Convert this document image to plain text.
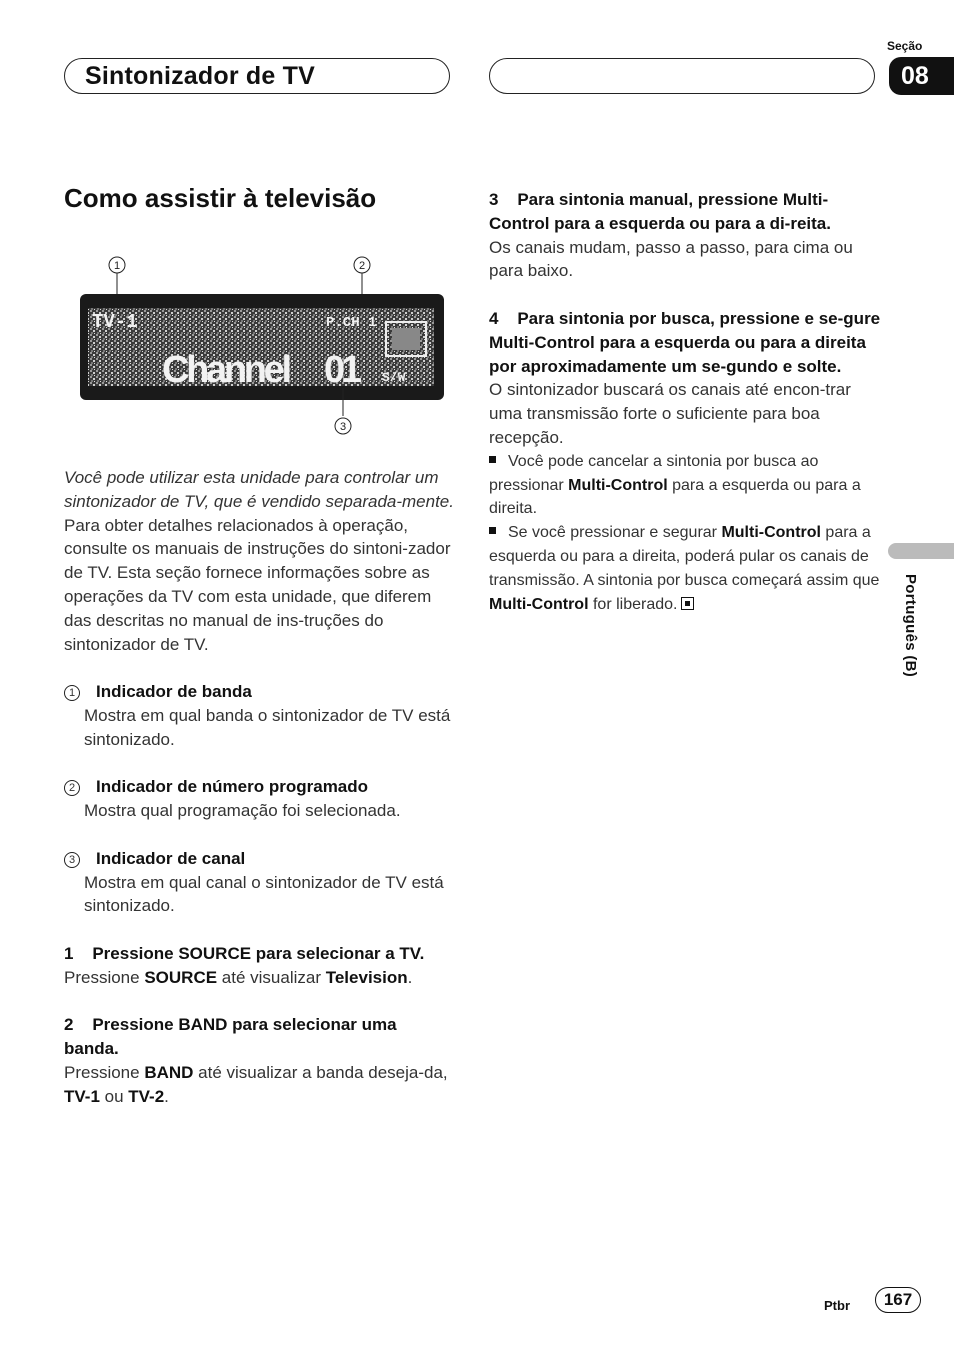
Sintonizador de TV
Seção
08
Português (B)
Como assistir à televisão
1	2
TV-1	P.CH 1
Channel 01 S/W
3

Você pode utilizar esta unidade para controlar um sintonizador de TV, que é vendido separada-mente.

Para obter detalhes relacionados à operação, consulte os manuais de instruções do sintoni-zador de TV. Esta seção fornece informações sobre as operações da TV com esta unidade, que diferem das descritas no manual de ins-truções do sintonizador de TV.

1 Indicador de banda

Mostra em qual banda o sintonizador de TV está sintonizado.

2 Indicador de número programado

Mostra qual programação foi selecionada.

3 Indicador de canal

Mostra em qual canal o sintonizador de TV está sintonizado.

1    Pressione SOURCE para selecionar a TV.

Pressione SOURCE até visualizar Television.

2    Pressione BAND para selecionar uma banda.

Pressione BAND até visualizar a banda deseja-da, TV-1 ou TV-2.

3    Para sintonia manual, pressione Multi-Control para a esquerda ou para a di-reita.

Os canais mudam, passo a passo, para cima ou para baixo.

4    Para sintonia por busca, pressione e se-gure Multi-Control para a esquerda ou para a direita por aproximadamente um se-gundo e solte.

O sintonizador buscará os canais até encon-trar uma transmissão forte o suficiente para boa recepção.

Você pode cancelar a sintonia por busca ao pressionar Multi-Control para a esquerda ou para a direita.

Se você pressionar e segurar Multi-Control para a esquerda ou para a direita, poderá pular os canais de transmissão. A sintonia por busca começará assim que Multi-Control for liberado.

Ptbr	167
